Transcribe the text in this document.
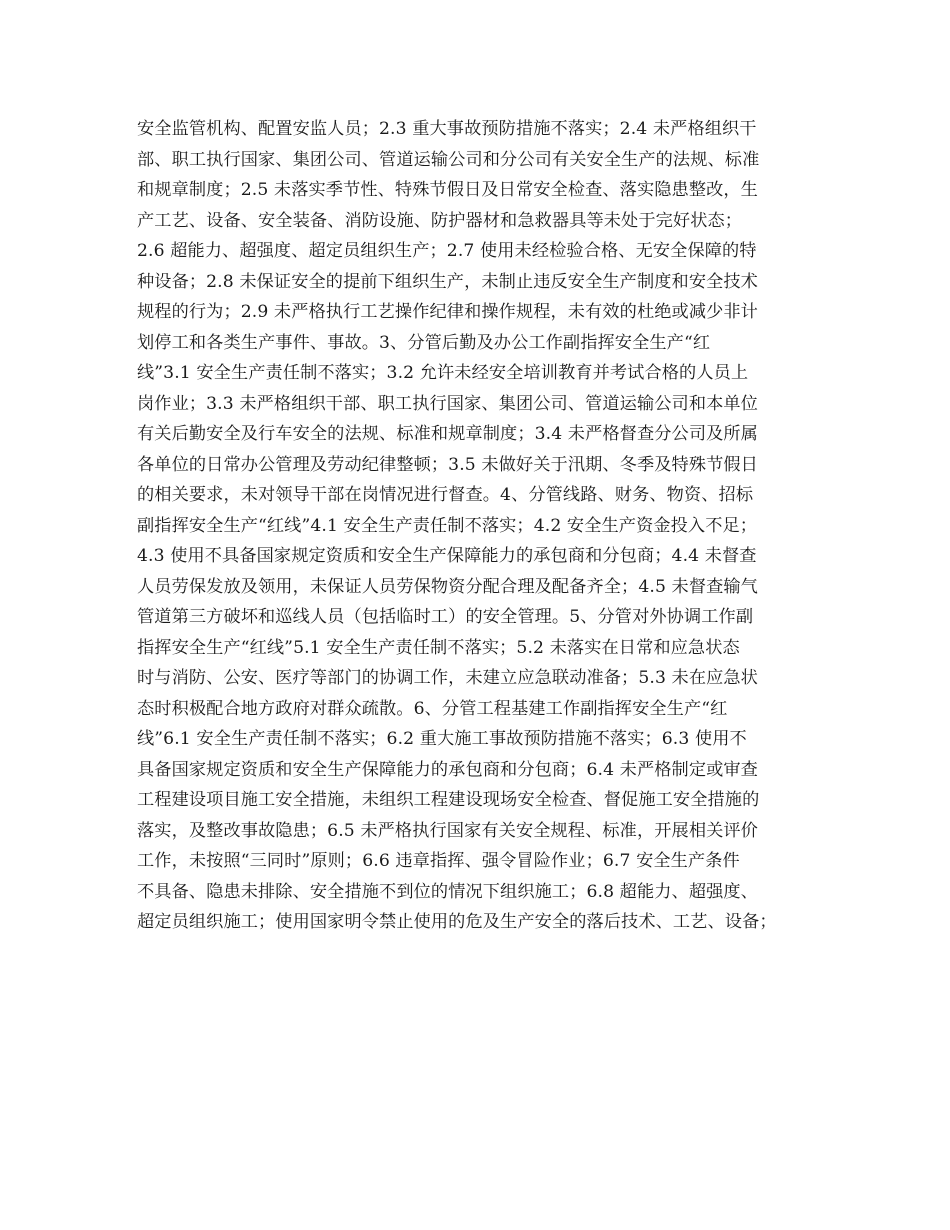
安全监管机构、配置安监人员；2.3 重大事故预防措施不落实；2.4 未严格组织干
部、职工执行国家、集团公司、管道运输公司和分公司有关安全生产的法规、标准
和规章制度；2.5 未落实季节性、特殊节假日及日常安全检查、落实隐患整改，生
产工艺、设备、安全装备、消防设施、防护器材和急救器具等未处于完好状态；
2.6 超能力、超强度、超定员组织生产；2.7 使用未经检验合格、无安全保障的特
种设备；2.8 未保证安全的提前下组织生产，未制止违反安全生产制度和安全技术
规程的行为；2.9 未严格执行工艺操作纪律和操作规程，未有效的杜绝或减少非计
划停工和各类生产事件、事故。3、分管后勤及办公工作副指挥安全生产“红
线”3.1 安全生产责任制不落实；3.2 允许未经安全培训教育并考试合格的人员上
岗作业；3.3 未严格组织干部、职工执行国家、集团公司、管道运输公司和本单位
有关后勤安全及行车安全的法规、标准和规章制度；3.4 未严格督查分公司及所属
各单位的日常办公管理及劳动纪律整顿；3.5 未做好关于汛期、冬季及特殊节假日
的相关要求，未对领导干部在岗情况进行督查。4、分管线路、财务、物资、招标
副指挥安全生产“红线”4.1 安全生产责任制不落实；4.2 安全生产资金投入不足；
4.3 使用不具备国家规定资质和安全生产保障能力的承包商和分包商；4.4 未督查
人员劳保发放及领用，未保证人员劳保物资分配合理及配备齐全；4.5 未督查输气
管道第三方破坏和巡线人员（包括临时工）的安全管理。5、分管对外协调工作副
指挥安全生产“红线”5.1 安全生产责任制不落实；5.2 未落实在日常和应急状态
时与消防、公安、医疗等部门的协调工作，未建立应急联动准备；5.3 未在应急状
态时积极配合地方政府对群众疏散。6、分管工程基建工作副指挥安全生产“红
线”6.1 安全生产责任制不落实；6.2 重大施工事故预防措施不落实；6.3 使用不
具备国家规定资质和安全生产保障能力的承包商和分包商；6.4 未严格制定或审查
工程建设项目施工安全措施，未组织工程建设现场安全检查、督促施工安全措施的
落实，及整改事故隐患；6.5 未严格执行国家有关安全规程、标准，开展相关评价
工作，未按照“三同时”原则；6.6 违章指挥、强令冒险作业；6.7 安全生产条件
不具备、隐患未排除、安全措施不到位的情况下组织施工；6.8 超能力、超强度、
超定员组织施工；使用国家明令禁止使用的危及生产安全的落后技术、工艺、设备；
